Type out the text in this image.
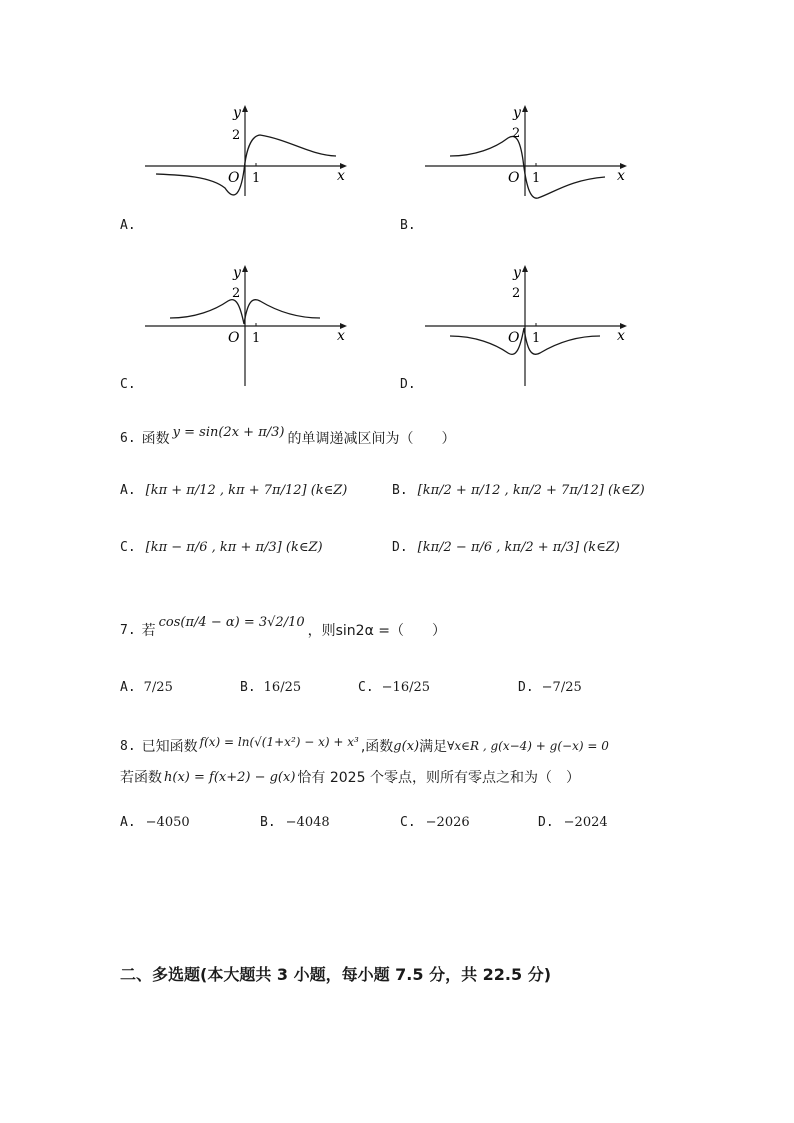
x
y
O 1
2
A.
x
y
O 1
2
B.
x
y
O 1
2
C.
x
y
O 1
2
D.
6. 函数 y = sin(2x + π/3) 的单调递减区间为（　　）
A. [kπ + π/12 , kπ + 7π/12] (k∈Z)	B. [kπ/2 + π/12 , kπ/2 + 7π/12] (k∈Z)
C. [kπ − π/6 , kπ + π/3] (k∈Z)	D. [kπ/2 − π/6 , kπ/2 + π/3] (k∈Z)
7. 若
cos(π/4 − α) = 3√2/10
，则sin2α =（　　）
A. 7/25	B. 16/25	C. −16/25	D. −7/25
8. 已知函数 f(x) = ln(√(1+x²) − x) + x³ ,函数 g(x) 满足 ∀x∈R , g(x−4) + g(−x) = 0
若函数 h(x) = f(x+2) − g(x) 恰有 2025 个零点，则所有零点之和为（　）
A. −4050	B. −4048	C. −2026	D. −2024
二、多选题(本大题共 3 小题，每小题 7.5 分，共 22.5 分)
